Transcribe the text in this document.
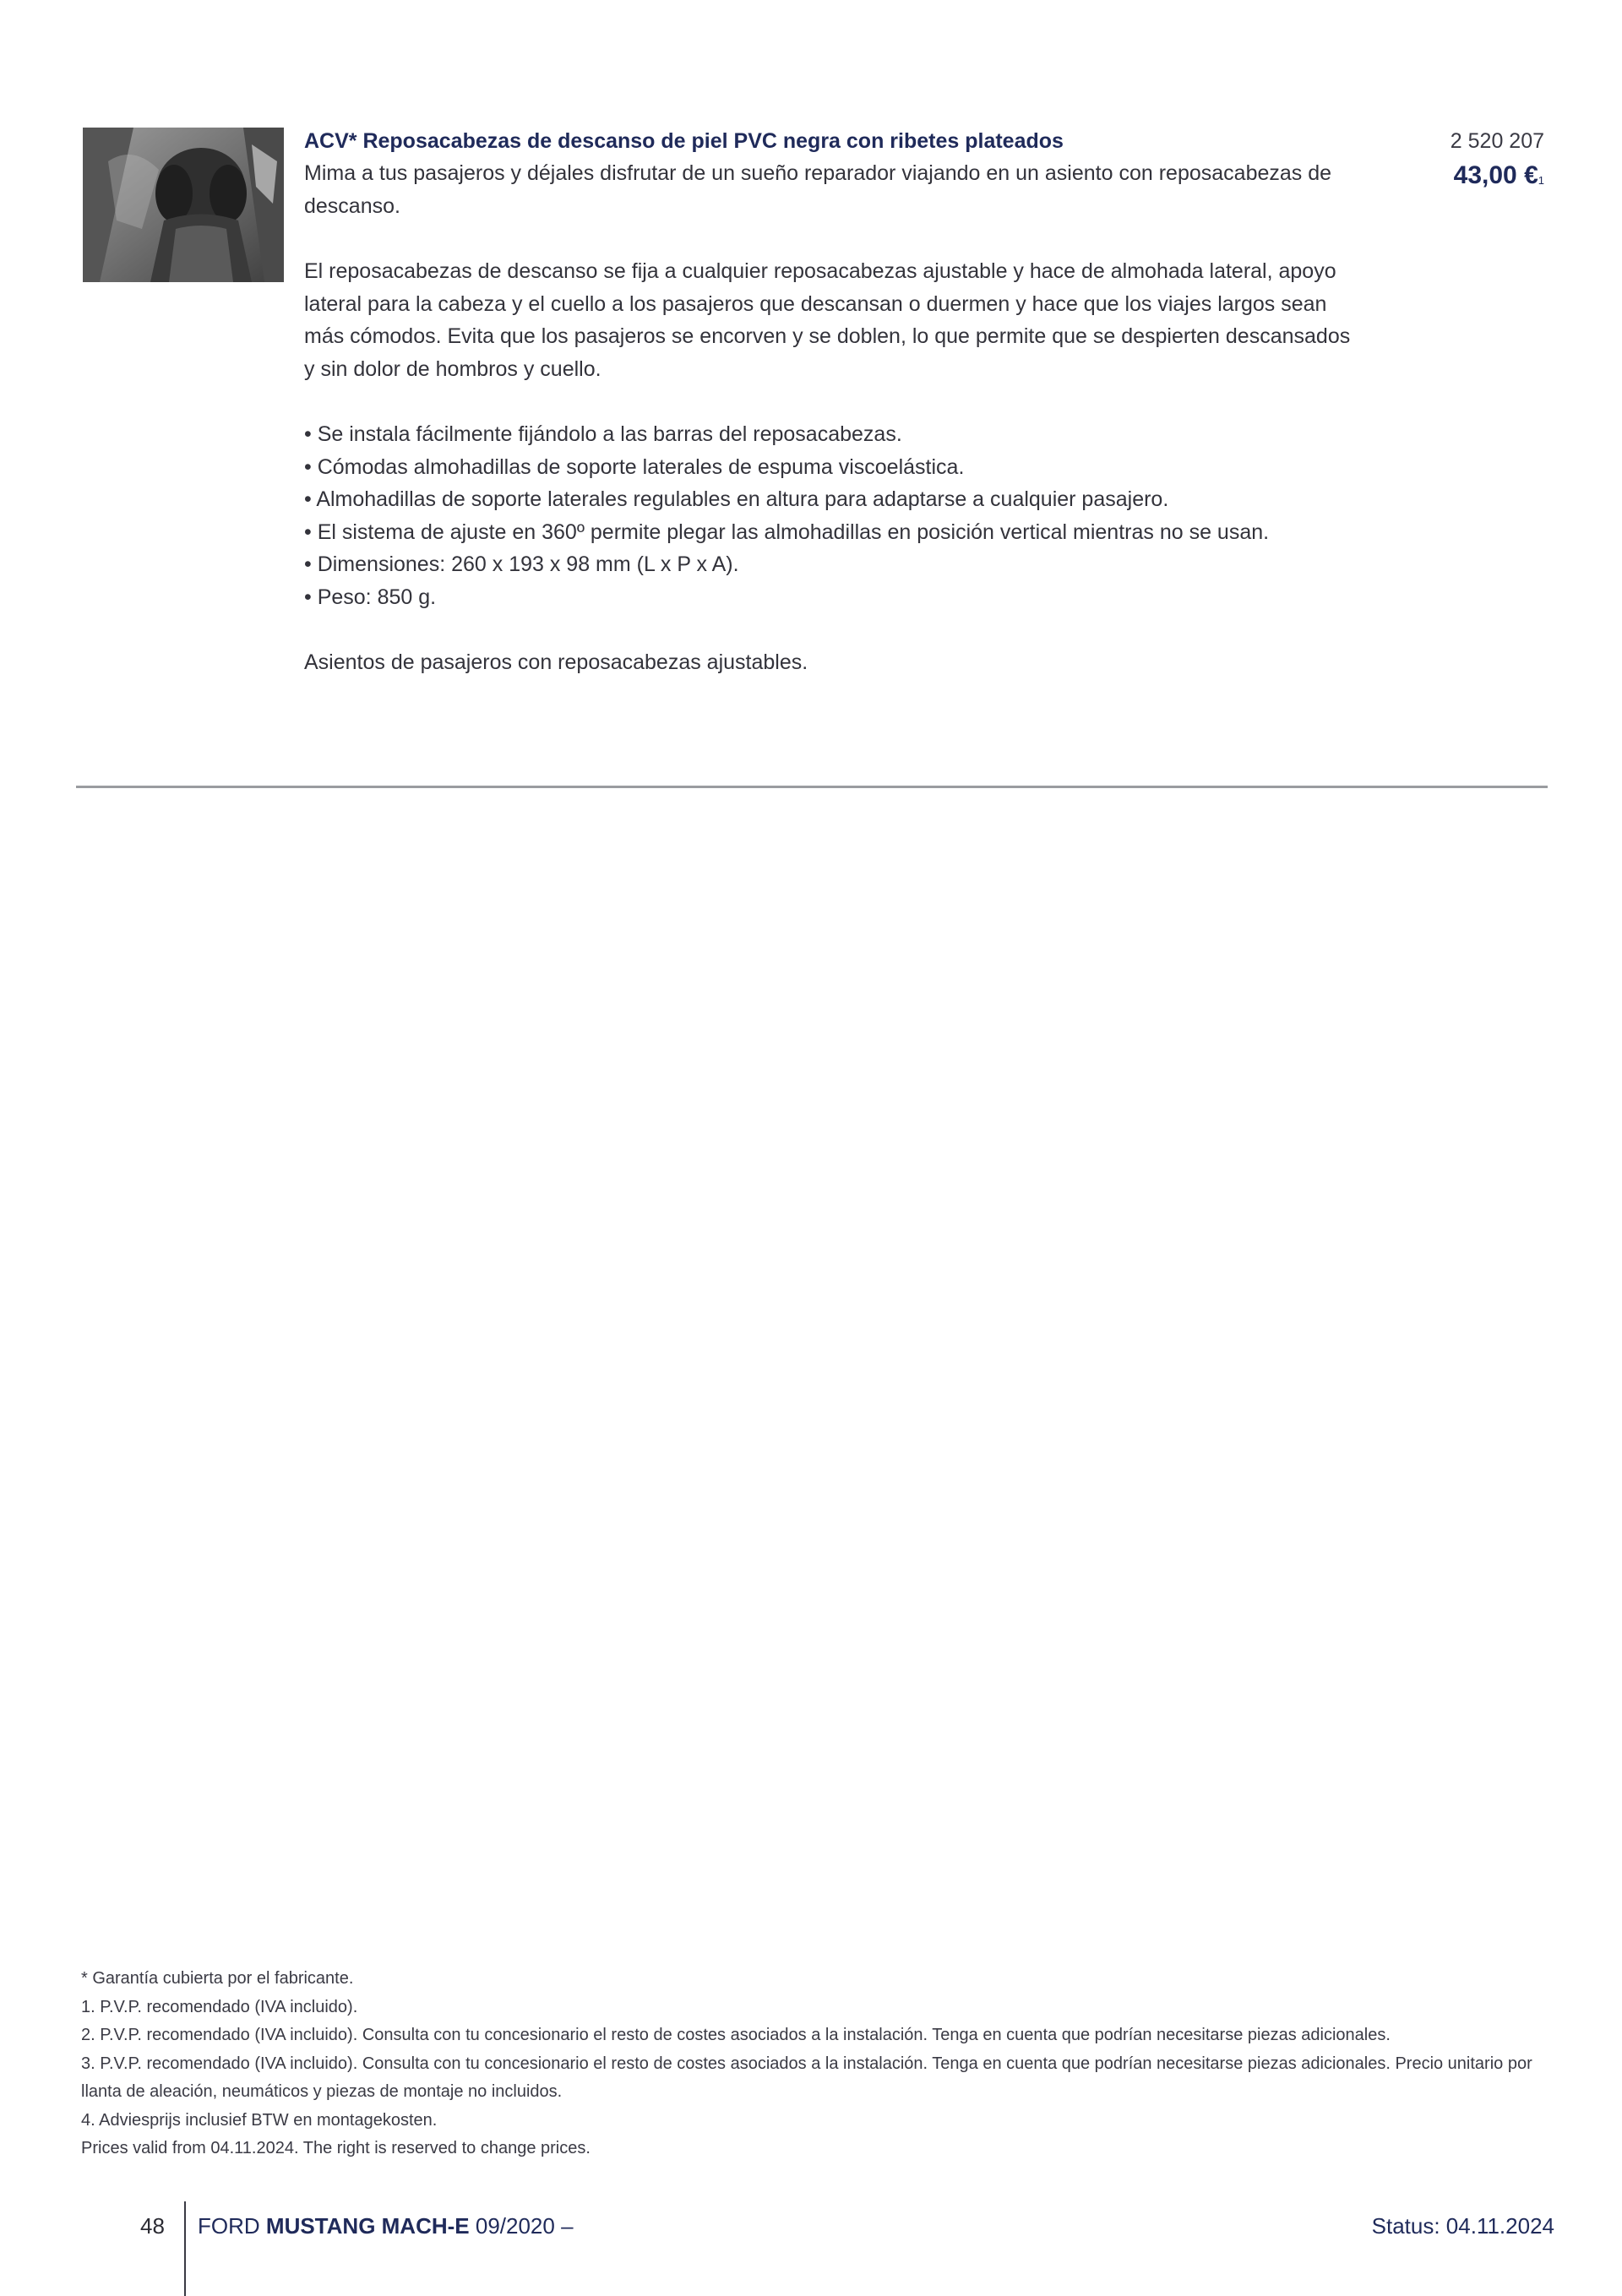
ACV* Reposacabezas de descanso de piel PVC negra con ribetes plateados

Mima a tus pasajeros y déjales disfrutar de un sueño reparador viajando en un asiento con reposacabezas de descanso.

El reposacabezas de descanso se fija a cualquier reposacabezas ajustable y hace de almohada lateral, apoyo lateral para la cabeza y el cuello a los pasajeros que descansan o duermen y hace que los viajes largos sean más cómodos. Evita que los pasajeros se encorven y se doblen, lo que permite que se despierten descansados y sin dolor de hombros y cuello.

• Se instala fácilmente fijándolo a las barras del reposacabezas.
• Cómodas almohadillas de soporte laterales de espuma viscoelástica.
• Almohadillas de soporte laterales regulables en altura para adaptarse a cualquier pasajero.
• El sistema de ajuste en 360º permite plegar las almohadillas en posición vertical mientras no se usan.
• Dimensiones: 260 x 193 x 98 mm (L x P x A).
• Peso: 850 g.

Asientos de pasajeros con reposacabezas ajustables.

2 520 207
43,00 €$^1$

* Garantía cubierta por el fabricante.

1. P.V.P. recomendado (IVA incluido).

2. P.V.P. recomendado (IVA incluido). Consulta con tu concesionario el resto de costes asociados a la instalación. Tenga en cuenta que podrían necesitarse piezas adicionales.

3. P.V.P. recomendado (IVA incluido). Consulta con tu concesionario el resto de costes asociados a la instalación. Tenga en cuenta que podrían necesitarse piezas adicionales. Precio unitario por llanta de aleación, neumáticos y piezas de montaje no incluidos.

4. Adviesprijs inclusief BTW en montagekosten.

Prices valid from 04.11.2024. The right is reserved to change prices.

48 FORD MUSTANG MACH-E 09/2020 –	Status: 04.11.2024
